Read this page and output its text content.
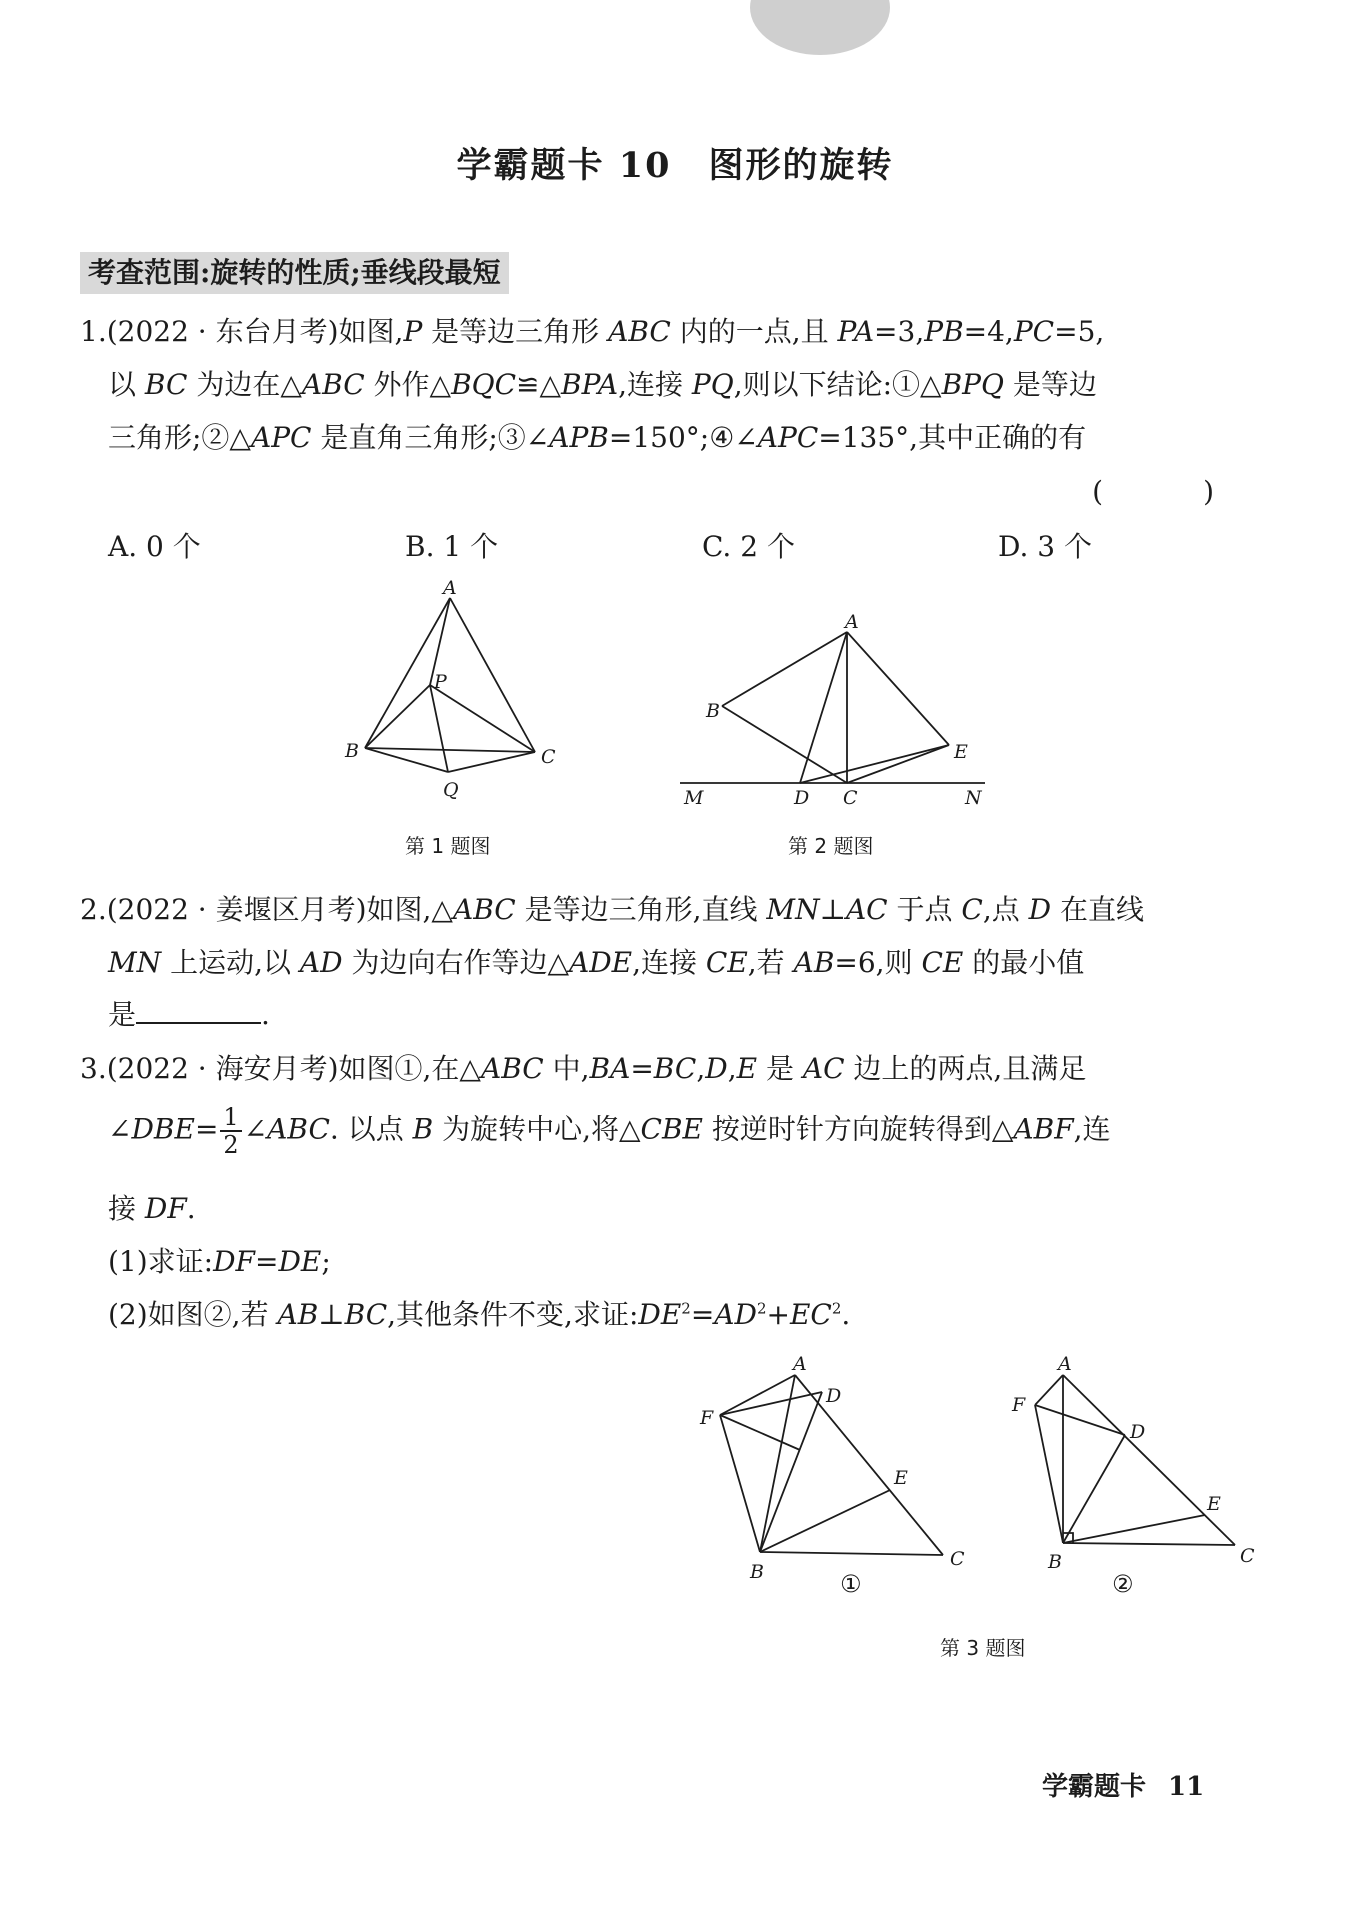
学霸题卡 10　图形的旋转
考查范围:旋转的性质;垂线段最短
1.(2022 · 东台月考)如图,P 是等边三角形 ABC 内的一点,且 PA=3,PB=4,PC=5,
以 BC 为边在△ABC 外作△BQC≌△BPA,连接 PQ,则以下结论:①△BPQ 是等边
三角形;②△APC 是直角三角形;③∠APB=150°;④∠APC=135°,其中正确的有
(　)
A. 0 个	B. 1 个	C. 2 个	D. 3 个
A
P
B	C
Q
第 1 题图
A
B
E
M	D C	N
第 2 题图
2.(2022 · 姜堰区月考)如图,△ABC 是等边三角形,直线 MN⊥AC 于点 C,点 D 在直线
MN 上运动,以 AD 为边向右作等边△ADE,连接 CE,若 AB=6,则 CE 的最小值
是	.
3.(2022 · 海安月考)如图①,在△ABC 中,BA=BC,D,E 是 AC 边上的两点,且满足
∠DBE= $\frac{1}{2}$ ∠ABC. 以点 B 为旋转中心,将△CBE 按逆时针方向旋转得到△ABF,连
接 DF.
(1)求证:DF=DE;
(2)如图②,若 AB⊥BC,其他条件不变,求证$:DE^2=AD^2+EC^2$.
A
D
F
E
B
C
①
A
F
D
E
B	C
②
第 3 题图
学霸题卡 11
